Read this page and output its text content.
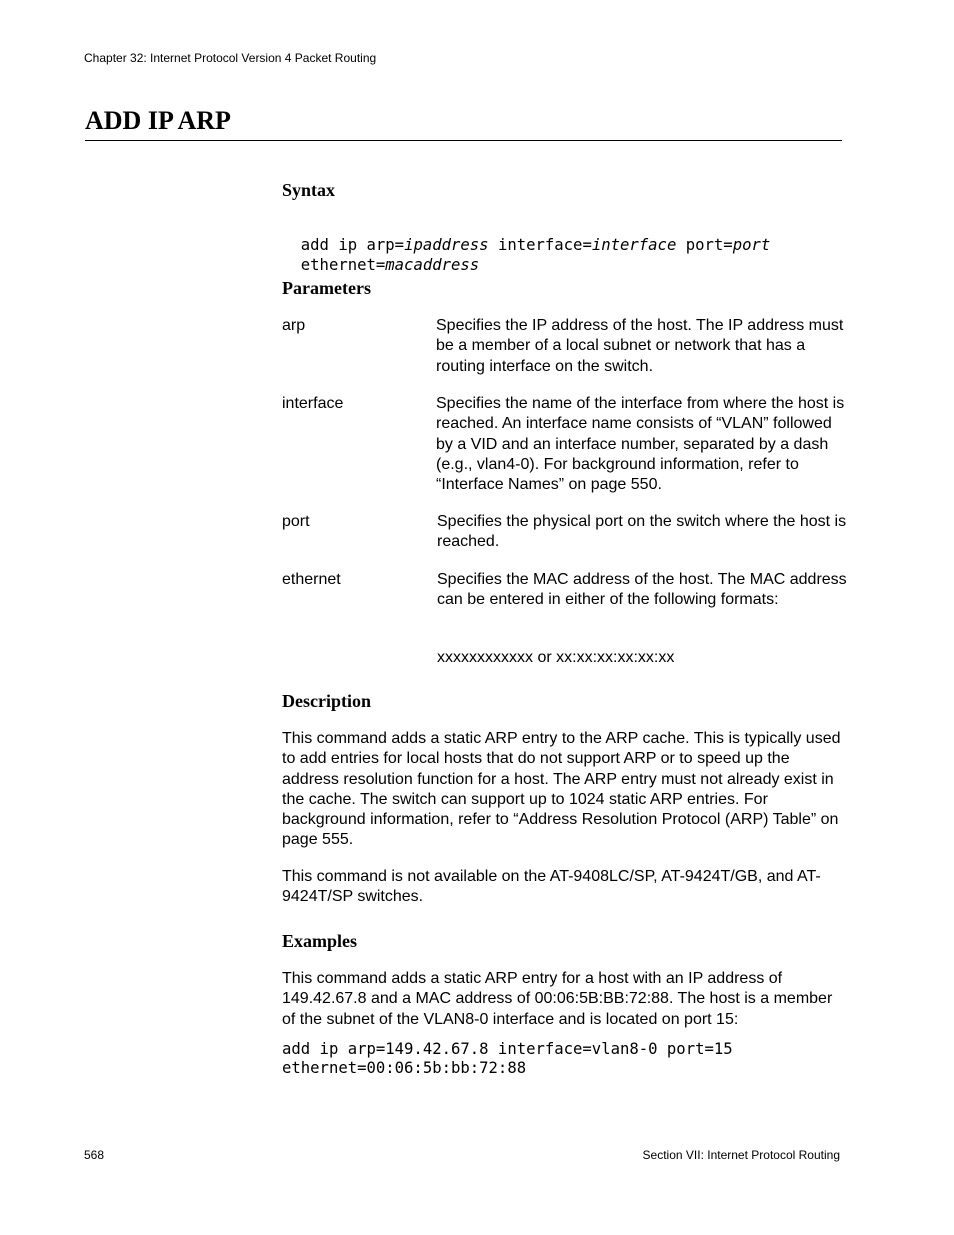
Chapter 32: Internet Protocol Version 4 Packet Routing
ADD IP ARP
Syntax

add ip arp=ipaddress interface=interface port=port

ethernet=macaddress

Parameters
arp	Specifies the IP address of the host. The IP address must be a member of a local subnet or network that has a routing interface on the switch.
interface	Specifies the name of the interface from where the host is reached. An interface name consists of “VLAN” followed by a VID and an interface number, separated by a dash (e.g., vlan4-0). For background information, refer to “Interface Names” on page 550.
port	Specifies the physical port on the switch where the host is reached.
ethernet	Specifies the MAC address of the host. The MAC address can be entered in either of the following formats:
xxxxxxxxxxxx or xx:xx:xx:xx:xx:xx
Description
This command adds a static ARP entry to the ARP cache. This is typically used to add entries for local hosts that do not support ARP or to speed up the address resolution function for a host. The ARP entry must not already exist in the cache. The switch can support up to 1024 static ARP entries. For background information, refer to “Address Resolution Protocol (ARP) Table” on page 555.
This command is not available on the AT-9408LC/SP, AT-9424T/GB, and AT-9424T/SP switches.
Examples
This command adds a static ARP entry for a host with an IP address of 149.42.67.8 and a MAC address of 00:06:5B:BB:72:88. The host is a member of the subnet of the VLAN8-0 interface and is located on port 15:
add ip arp=149.42.67.8 interface=vlan8-0 port=15
ethernet=00:06:5b:bb:72:88
568	Section VII: Internet Protocol Routing
